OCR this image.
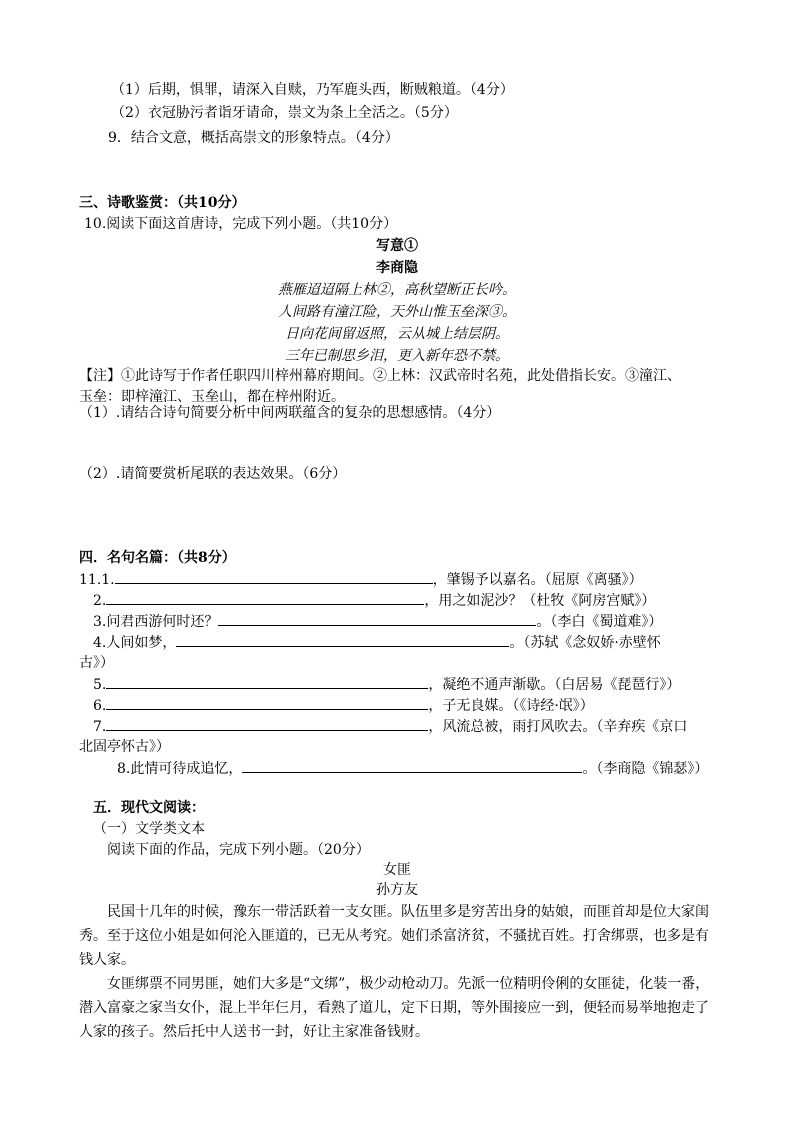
（1）后期，惧罪，请深入自赎，乃军鹿头西，断贼粮道。（4分）
（2）衣冠胁污者诣牙请命，崇文为条上全活之。（5分）
9．结合文意，概括高崇文的形象特点。（4分）
三、诗歌鉴赏：（共10分）
10.阅读下面这首唐诗，完成下列小题。（共10分）
写意①
李商隐
燕雁迢迢隔上林②，高秋望断正长吟。
人间路有潼江险，天外山惟玉垒深③。
日向花间留返照，云从城上结层阴。
三年已制思乡泪，更入新年恐不禁。
【注】①此诗写于作者任职四川梓州幕府期间。②上林：汉武帝时名苑，此处借指长安。③潼江、
玉垒：即梓潼江、玉垒山，都在梓州附近。
（1）.请结合诗句简要分析中间两联蕴含的复杂的思想感情。（4分）
（2）.请简要赏析尾联的表达效果。（6分）
四．名句名篇：（共8分）
11.1.	，肇锡予以嘉名。（屈原《离骚》）
2.	，用之如泥沙？（杜牧《阿房宫赋》）
3.问君西游何时还？	。（李白《蜀道难》）
4.人间如梦，	。（苏轼《念奴娇·赤壁怀
古》）
5.	，凝绝不通声渐歇。（白居易《琵琶行》）
6.	，子无良媒。（《诗经·氓》）
7.	，风流总被，雨打风吹去。（辛弃疾《京口
北固亭怀古》）
8.此情可待成追忆，	。（李商隐《锦瑟》）
五．现代文阅读：
（一）文学类文本
阅读下面的作品，完成下列小题。（20分）
女匪
孙方友

民国十几年的时候，豫东一带活跃着一支女匪。队伍里多是穷苦出身的姑娘，而匪首却是位大家闺秀。至于这位小姐是如何沦入匪道的，已无从考究。她们杀富济贫，不骚扰百姓。打舍绑票，也多是有钱人家。

女匪绑票不同男匪，她们大多是“文绑”，极少动枪动刀。先派一位精明伶俐的女匪徒，化装一番，潜入富豪之家当女仆，混上半年仨月，看熟了道儿，定下日期，等外围接应一到，便轻而易举地抱走了人家的孩子。然后托中人送书一封，好让主家准备钱财。
